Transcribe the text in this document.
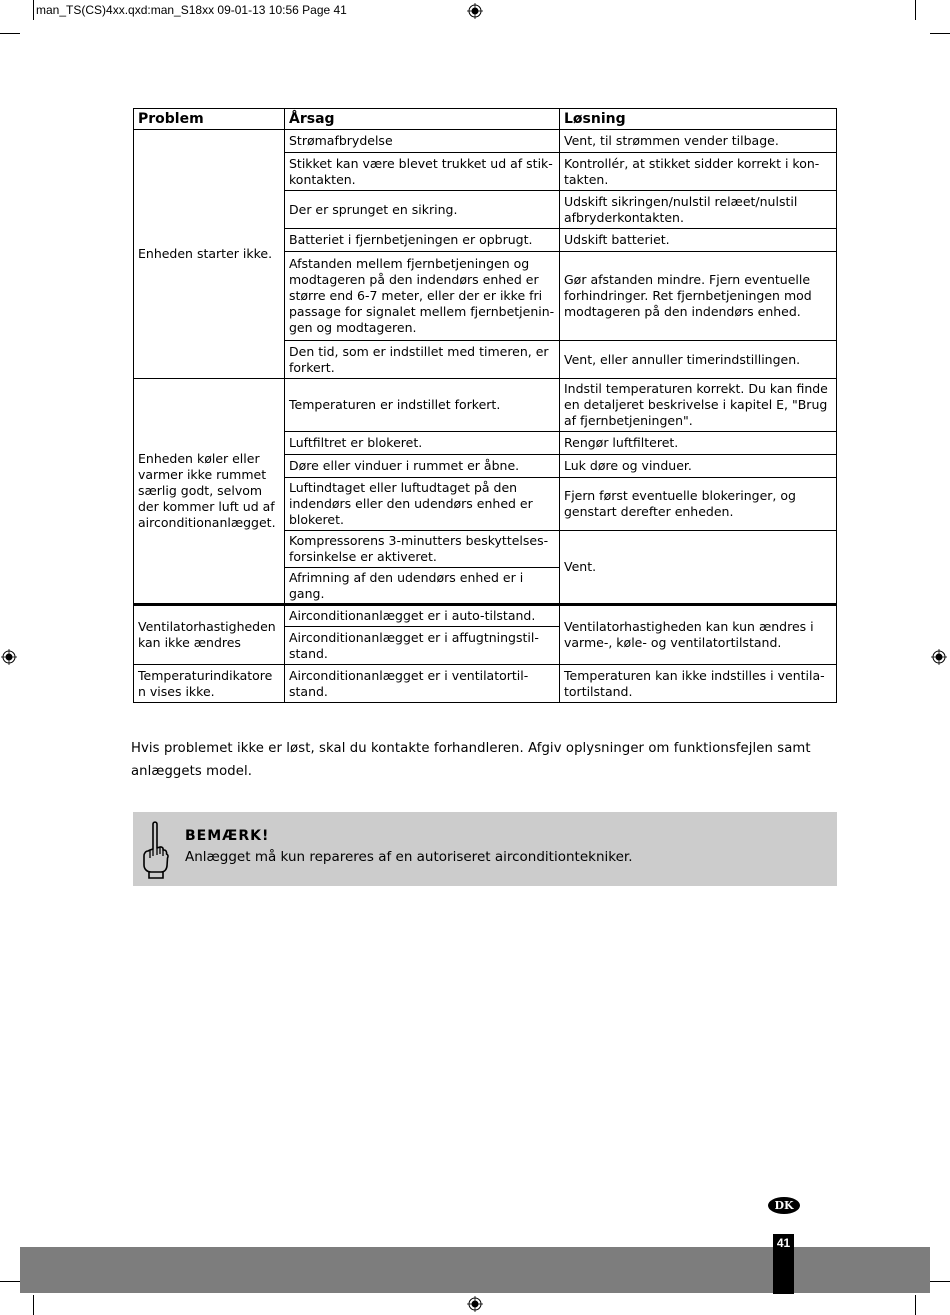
man_TS(CS)4xx.qxd:man_S18xx 09-01-13 10:56 Page 41
Problem	Årsag	Løsning
Enheden starter ikke.	Strømafbrydelse	Vent, til strømmen vender tilbage.
	Stikket kan være blevet trukket ud af stik-kontakten.	Kontrollér, at stikket sidder korrekt i kon-takten.
	Der er sprunget en sikring.	Udskift sikringen/nulstil relæet/nulstil afbryderkontakten.
	Batteriet i fjernbetjeningen er opbrugt.	Udskift batteriet.
	Afstanden mellem fjernbetjeningen og modtageren på den indendørs enhed er større end 6-7 meter, eller der er ikke fri passage for signalet mellem fjernbetjenin-gen og modtageren.	Gør afstanden mindre. Fjern eventuelle forhindringer. Ret fjernbetjeningen mod modtageren på den indendørs enhed.
	Den tid, som er indstillet med timeren, er forkert.	Vent, eller annuller timerindstillingen.
Enheden køler eller varmer ikke rummet særlig godt, selvom der kommer luft ud af airconditionanlægget.	Temperaturen er indstillet forkert.	Indstil temperaturen korrekt. Du kan finde en detaljeret beskrivelse i kapitel E, "Brug af fjernbetjeningen".
	Luftfiltret er blokeret.	Rengør luftfilteret.
	Døre eller vinduer i rummet er åbne.	Luk døre og vinduer.
	Luftindtaget eller luftudtaget på den indendørs eller den udendørs enhed er blokeret.	Fjern først eventuelle blokeringer, og genstart derefter enheden.
	Kompressorens 3-minutters beskyttelses-forsinkelse er aktiveret.	Vent.
	Afrimning af den udendørs enhed er i gang.	
Ventilatorhastigheden kan ikke ændres	Airconditionanlægget er i auto-tilstand.	Ventilatorhastigheden kan kun ændres i varme-, køle- og ventilatortilstand.
	Airconditionanlægget er i affugtningstil-stand.	
Temperaturindikatore n vises ikke.	Airconditionanlægget er i ventilatortil-stand.	Temperaturen kan ikke indstilles i ventila-tortilstand.
Hvis problemet ikke er løst, skal du kontakte forhandleren. Afgiv oplysninger om funktionsfejlen samt anlæggets model.
BEMÆRK!
Anlægget må kun repareres af en autoriseret airconditiontekniker.
DK
41
